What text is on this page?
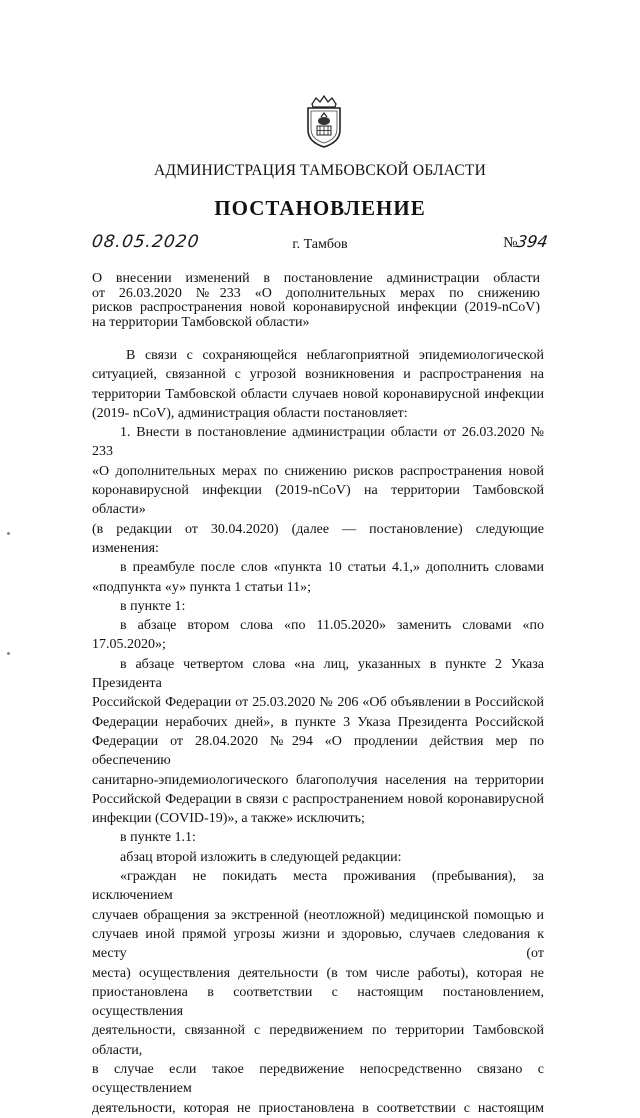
АДМИНИСТРАЦИЯ ТАМБОВСКОЙ ОБЛАСТИ
ПОСТАНОВЛЕНИЕ
08.05.2020	г. Тамбов	№394

О внесении изменений в постановление администрации области

от 26.03.2020 №233 «О дополнительных мерах по снижению

рисков распространения новой коронавирусной инфекции (2019-nCoV)

на территории Тамбовской области»

В связи с сохраняющейся неблагоприятной эпидемиологической

ситуацией, связанной с угрозой возникновения и распространения на

территории Тамбовской области случаев новой коронавирусной инфекции

(2019- nCoV), администрация области постановляет:

1. Внести в постановление администрации области от 26.03.2020 № 233

«О дополнительных мерах по снижению рисков распространения новой

коронавирусной инфекции (2019-nCoV) на территории Тамбовской области»

(в редакции от 30.04.2020) (далее — постановление) следующие изменения:

в преамбуле после слов «пункта 10 статьи 4.1,» дополнить словами

«подпункта «у» пункта 1 статьи 11»;

в пункте 1:

в абзаце втором слова «по 11.05.2020» заменить словами «по 17.05.2020»;

в абзаце четвертом слова «на лиц, указанных в пункте 2 Указа Президента

Российской Федерации от 25.03.2020 № 206 «Об объявлении в Российской

Федерации нерабочих дней», в пункте 3 Указа Президента Российской

Федерации от 28.04.2020 №294 «О продлении действия мер по обеспечению

санитарно-эпидемиологического благополучия населения на территории

Российской Федерации в связи с распространением новой коронавирусной

инфекции (COVID-19)», а также» исключить;

в пункте 1.1:

абзац второй изложить в следующей редакции:

«граждан не покидать места проживания (пребывания), за исключением

случаев обращения за экстренной (неотложной) медицинской помощью и

случаев иной прямой угрозы жизни и здоровью, случаев следования к месту (от

места) осуществления деятельности (в том числе работы), которая не

приостановлена в соответствии с настоящим постановлением, осуществления

деятельности, связанной с передвижением по территории Тамбовской области,

в случае если такое передвижение непосредственно связано с осуществлением

деятельности, которая не приостановлена в соответствии с настоящим
